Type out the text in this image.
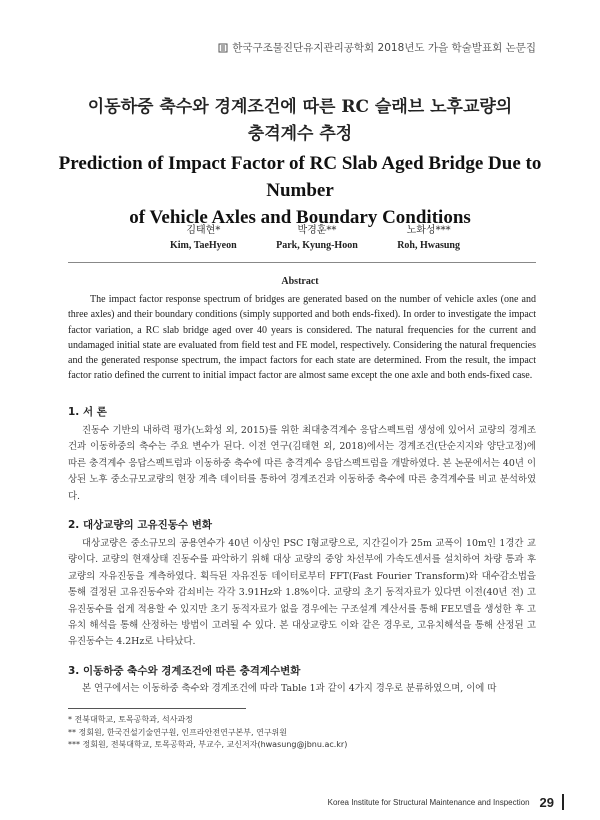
한국구조물진단유지관리공학회 2018년도 가을 학술발표회 논문집
이동하중 축수와 경계조건에 따른 RC 슬래브 노후교량의
충격계수 추정
Prediction of Impact Factor of RC Slab Aged Bridge Due to Number
of Vehicle Axles and Boundary Conditions
김태현*
Kim, TaeHyeon
박경훈**
Park, Kyung-Hoon
노화성***
Roh, Hwasung
Abstract
The impact factor response spectrum of bridges are generated based on the number of vehicle axles (one and three axles) and their boundary conditions (simply supported and both ends-fixed). In order to investigate the impact factor variation, a RC slab bridge aged over 40 years is considered. The natural frequencies for the current and undamaged initial state are evaluated from field test and FE model, respectively. Considering the natural frequencies and the generated response spectrum, the impact factors for each state are determined. From the result, the impact factor ratio defined the current to initial impact factor are almost same except the one axle and both ends-fixed case.
1. 서 론
진동수 기반의 내하력 평가(노화성 외, 2015)를 위한 최대충격계수 응답스펙트럼 생성에 있어서 교량의 경계조건과 이동하중의 축수는 주요 변수가 된다. 이전 연구(김태현 외, 2018)에서는 경계조건(단순지지와 양단고정)에 따른 충격계수 응답스펙트럼과 이동하중 축수에 따른 충격계수 응답스펙트럼을 개발하였다. 본 논문에서는 40년 이상된 노후 중소규모교량의 현장 계측 데이터를 통하여 경계조건과 이동하중 축수에 따른 충격계수를 비교 분석하였다.
2. 대상교량의 고유진동수 변화
대상교량은 중소규모의 공용연수가 40년 이상인 PSC I형교량으로, 지간길이가 25m 교폭이 10m인 1경간 교량이다. 교량의 현재상태 진동수를 파악하기 위해 대상 교량의 중앙 차선부에 가속도센서를 설치하여 차량 통과 후 교량의 자유진동을 계측하였다. 획득된 자유진동 데이터로부터 FFT(Fast Fourier Transform)와 대수감소법을 통해 결정된 고유진동수와 감쇠비는 각각 3.91Hz와 1.8%이다. 교량의 초기 동적자료가 있다면 이전(40년 전) 고유진동수를 쉽게 적용할 수 있지만 초기 동적자료가 없을 경우에는 구조설계 계산서를 통해 FE모델을 생성한 후 고유치 해석을 통해 산정하는 방법이 고려될 수 있다. 본 대상교량도 이와 같은 경우로, 고유치해석을 통해 산정된 고유진동수는 4.2Hz로 나타났다.
3. 이동하중 축수와 경계조건에 따른 충격계수변화
본 연구에서는 이동하중 축수와 경계조건에 따라 Table 1과 같이 4가지 경우로 분류하였으며, 이에 따
* 전북대학교, 토목공학과, 석사과정
** 정회원, 한국건설기술연구원, 인프라안전연구본부, 연구위원
*** 정회원, 전북대학교, 토목공학과, 부교수, 교신저자(hwasung@jbnu.ac.kr)
Korea Institute for Structural Maintenance and Inspection 29
